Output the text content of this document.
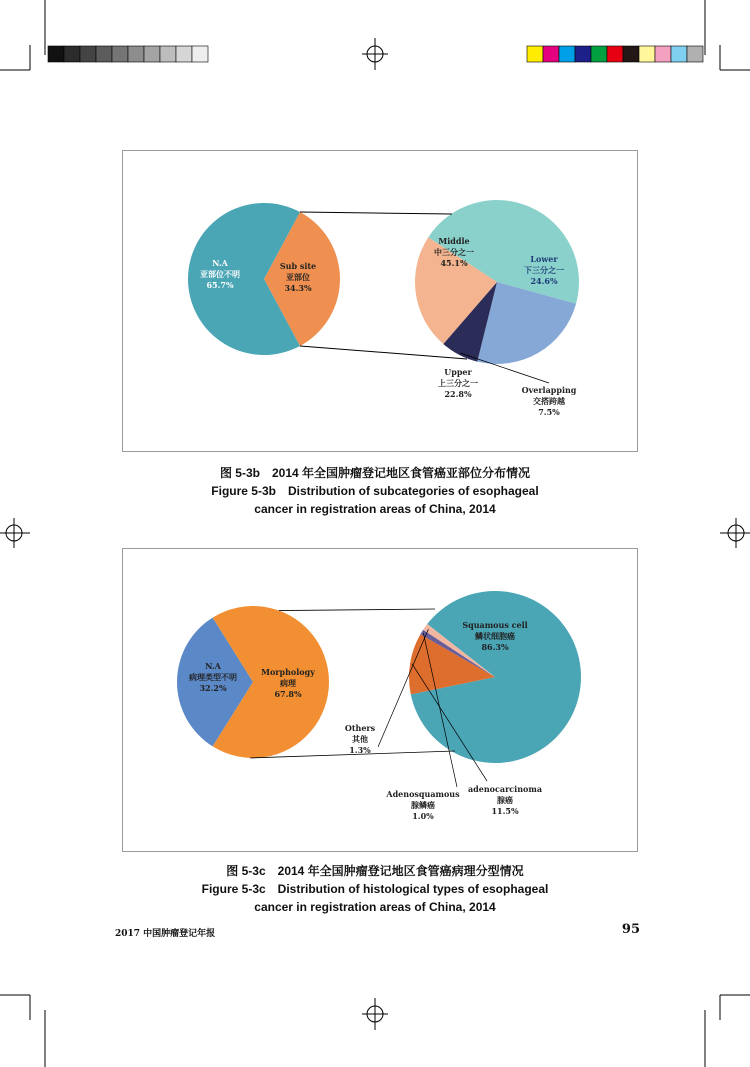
N.A 亚部位不明 65.7%
Sub site 亚部位 34.3%
Middle 中三分之一 45.1%	Lower 下三分之一 24.6%
Upper 上三分之一 22.8%	Overlapping 交搭跨越 7.5%
图 5-3b　2014 年全国肿瘤登记地区食管癌亚部位分布情况
Figure 5-3b　Distribution of subcategories of esophageal
cancer in registration areas of China, 2014
N.A 病理类型不明 32.2%
Morphology 病理 67.8%
Squamous cell 鳞状细胞癌 86.3%
Others 其他 1.3%
Adenosquamous 腺鳞癌 1.0%
adenocarcinoma 腺癌 11.5%
图 5-3c　2014 年全国肿瘤登记地区食管癌病理分型情况
Figure 5-3c　Distribution of histological types of esophageal
cancer in registration areas of China, 2014
2017 中国肿瘤登记年报	95
